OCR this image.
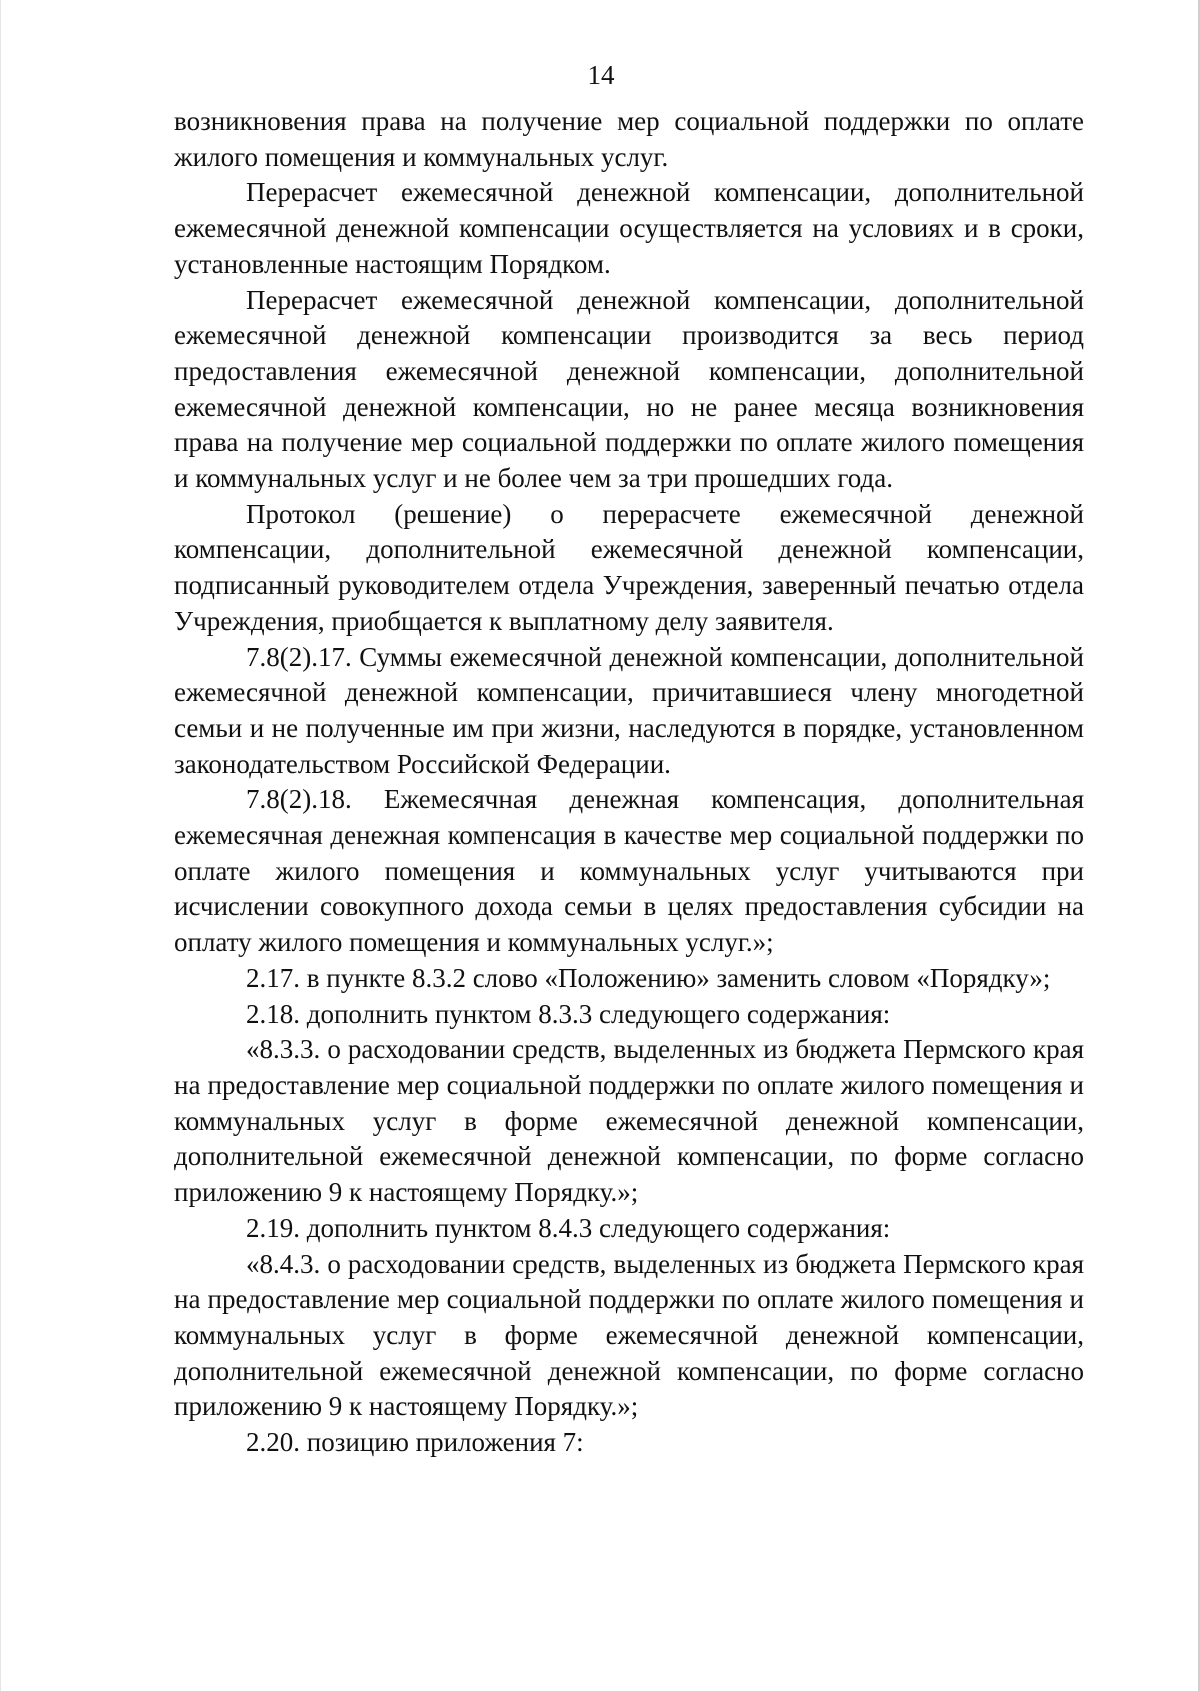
14

возникновения права на получение мер социальной поддержки по оплате жилого помещения и коммунальных услуг.

Перерасчет ежемесячной денежной компенсации, дополнительной ежемесячной денежной компенсации осуществляется на условиях и в сроки, установленные настоящим Порядком.

Перерасчет ежемесячной денежной компенсации, дополнительной ежемесячной денежной компенсации производится за весь период предоставления ежемесячной денежной компенсации, дополнительной ежемесячной денежной компенсации, но не ранее месяца возникновения права на получение мер социальной поддержки по оплате жилого помещения и коммунальных услуг и не более чем за три прошедших года.

Протокол (решение) о перерасчете ежемесячной денежной компенсации, дополнительной ежемесячной денежной компенсации, подписанный руководителем отдела Учреждения, заверенный печатью отдела Учреждения, приобщается к выплатному делу заявителя.

7.8(2).17. Суммы ежемесячной денежной компенсации, дополнительной ежемесячной денежной компенсации, причитавшиеся члену многодетной семьи и не полученные им при жизни, наследуются в порядке, установленном законодательством Российской Федерации.

7.8(2).18. Ежемесячная денежная компенсация, дополнительная ежемесячная денежная компенсация в качестве мер социальной поддержки по оплате жилого помещения и коммунальных услуг учитываются при исчислении совокупного дохода семьи в целях предоставления субсидии на оплату жилого помещения и коммунальных услуг.»;

2.17. в пункте 8.3.2 слово «Положению» заменить словом «Порядку»;

2.18. дополнить пунктом 8.3.3 следующего содержания:

«8.3.3. о расходовании средств, выделенных из бюджета Пермского края на предоставление мер социальной поддержки по оплате жилого помещения и коммунальных услуг в форме ежемесячной денежной компенсации, дополнительной ежемесячной денежной компенсации, по форме согласно приложению 9 к настоящему Порядку.»;

2.19. дополнить пунктом 8.4.3 следующего содержания:

«8.4.3. о расходовании средств, выделенных из бюджета Пермского края на предоставление мер социальной поддержки по оплате жилого помещения и коммунальных услуг в форме ежемесячной денежной компенсации, дополнительной ежемесячной денежной компенсации, по форме согласно приложению 9 к настоящему Порядку.»;

2.20. позицию приложения 7:
